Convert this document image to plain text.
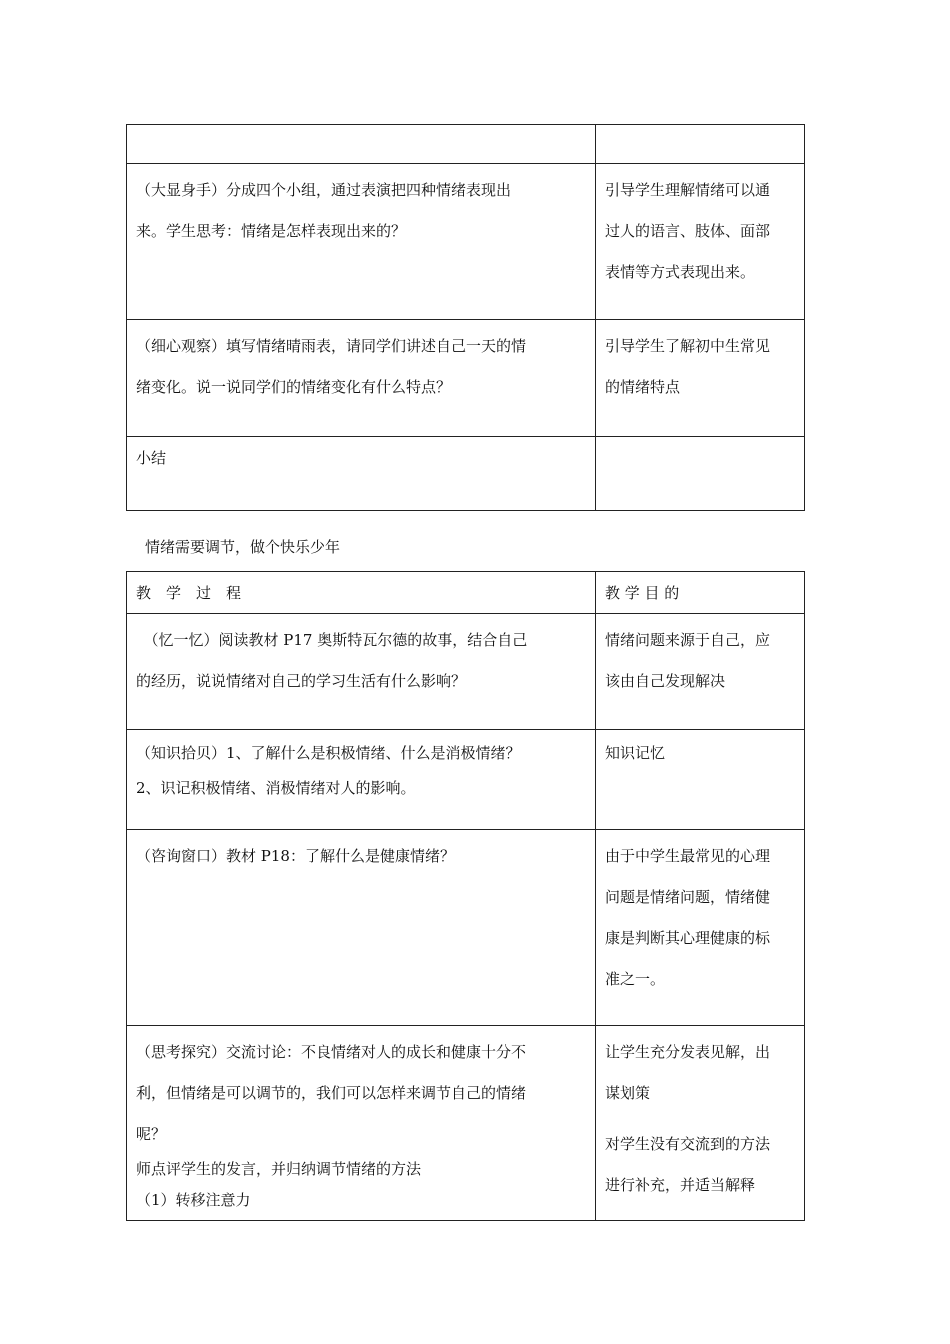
（大显身手）分成四个小组，通过表演把四种情绪表现出
来。学生思考：情绪是怎样表现出来的？	引导学生理解情绪可以通
过人的语言、肢体、面部
表情等方式表现出来。

（细心观察）填写情绪晴雨表，请同学们讲述自己一天的情
绪变化。说一说同学们的情绪变化有什么特点？	引导学生了解初中生常见
的情绪特点

小结	

情绪需要调节，做个快乐少年
教　学　过　程	教 学 目 的

　（忆一忆）阅读教材 P17 奥斯特瓦尔德的故事，结合自己
的经历，说说情绪对自己的学习生活有什么影响？	情绪问题来源于自己，应
该由自己发现解决

（知识拾贝）1、了解什么是积极情绪、什么是消极情绪？
2、识记积极情绪、消极情绪对人的影响。	知识记忆

（咨询窗口）教材 P18：了解什么是健康情绪？	由于中学生最常见的心理
问题是情绪问题，情绪健
康是判断其心理健康的标
准之一。

（思考探究）交流讨论：不良情绪对人的成长和健康十分不
利，但情绪是可以调节的，我们可以怎样来调节自己的情绪
呢？
师点评学生的发言，并归纳调节情绪的方法
（1）转移注意力	让学生充分发表见解，出
谋划策
对学生没有交流到的方法
进行补充，并适当解释
